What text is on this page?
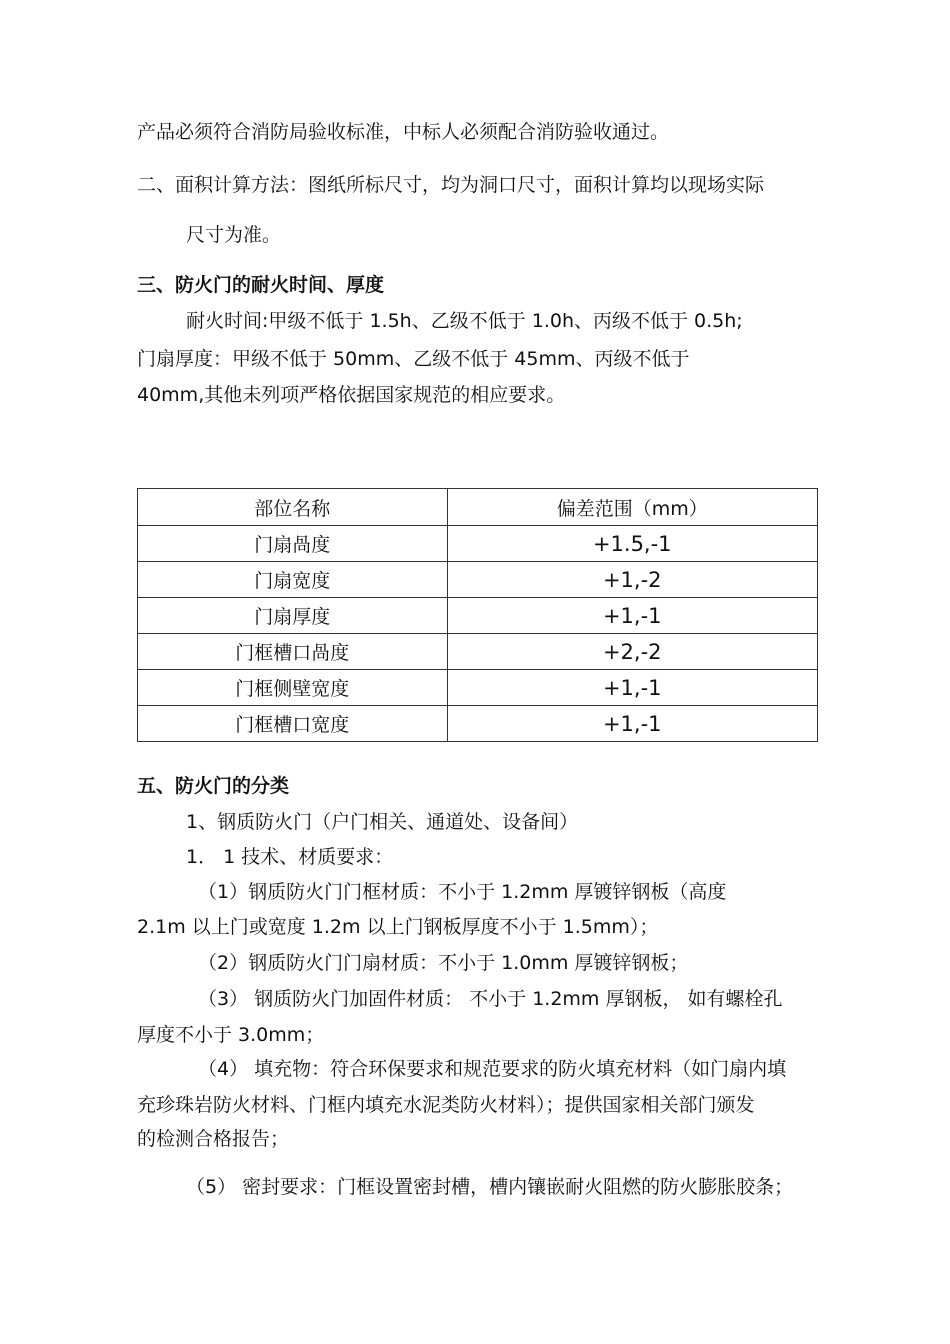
产品必须符合消防局验收标准，中标人必须配合消防验收通过。
二、面积计算方法：图纸所标尺寸，均为洞口尺寸，面积计算均以现场实际
尺寸为准。
三、防火门的耐火时间、厚度
耐火时间:甲级不低于 1.5h、乙级不低于 1.0h、丙级不低于 0.5h;
门扇厚度：甲级不低于 50mm、乙级不低于 45mm、丙级不低于
40mm,其他未列项严格依据国家规范的相应要求。
部位名称	偏差范围（mm）
门扇咼度	+1.5,-1
门扇宽度	+1,-2
门扇厚度	+1,-1
门框槽口咼度	+2,-2
门框侧壁宽度	+1,-1
门框槽口宽度	+1,-1
五、防火门的分类
1、钢质防火门（户门相关、通道处、设备间）
1． 1 技术、材质要求：
（1）钢质防火门门框材质：不小于 1.2mm 厚镀锌钢板（高度
2.1m 以上门或宽度 1.2m 以上门钢板厚度不小于 1.5mm）；
（2）钢质防火门门扇材质：不小于 1.0mm 厚镀锌钢板；
（3） 钢质防火门加固件材质： 不小于 1.2mm 厚钢板， 如有螺栓孔
厚度不小于 3.0mm；
（4） 填充物：符合环保要求和规范要求的防火填充材料（如门扇内填
充珍珠岩防火材料、门框内填充水泥类防火材料）；提供国家相关部门颁发
的检测合格报告；
（5） 密封要求：门框设置密封槽，槽内镶嵌耐火阻燃的防火膨胀胶条；
